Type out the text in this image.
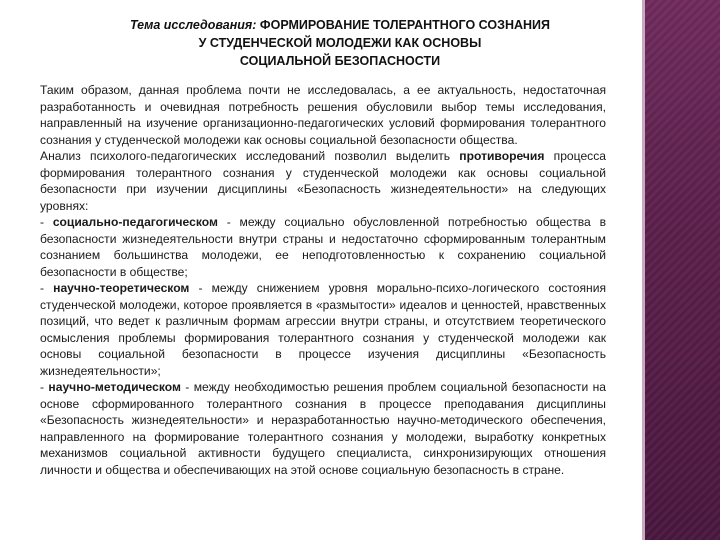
Тема исследования: ФОРМИРОВАНИЕ ТОЛЕРАНТНОГО СОЗНАНИЯ
У СТУДЕНЧЕСКОЙ МОЛОДЕЖИ КАК ОСНОВЫ
СОЦИАЛЬНОЙ БЕЗОПАСНОСТИ

Таким образом, данная проблема почти не исследовалась, а ее актуальность, недостаточная разработанность и очевидная потребность решения обусловили выбор темы исследования, направленный на изучение организационно-педагогических условий формирования толерантного сознания у студенческой молодежи как основы социальной безопасности общества.

Анализ психолого-педагогических исследований позволил выделить противоречия процесса формирования толерантного сознания у студенческой молодежи как основы социальной безопасности при изучении дисциплины «Безопасность жизнедеятельности» на следующих уровнях:

- социально-педагогическом - между социально обусловленной потребностью общества в безопасности жизнедеятельности внутри страны и недостаточно сформированным толерантным сознанием большинства молодежи, ее неподготовленностью к сохранению социальной безопасности в обществе;

- научно-теоретическом - между снижением уровня морально-психо-логического состояния студенческой молодежи, которое проявляется в «размытости» идеалов и ценностей, нравственных позиций, что ведет к различным формам агрессии внутри страны, и отсутствием теоретического осмысления проблемы формирования толерантного сознания у студенческой молодежи как основы социальной безопасности в процессе изучения дисциплины «Безопасность жизнедеятельности»;

- научно-методическом - между необходимостью решения проблем социальной безопасности на основе сформированного толерантного сознания в процессе преподавания дисциплины «Безопасность жизнедеятельности» и неразработанностью научно-методического обеспечения, направленного на формирование толерантного сознания у молодежи, выработку конкретных механизмов социальной активности будущего специалиста, синхронизирующих отношения личности и общества и обеспечивающих на этой основе социальную безопасность в стране.
